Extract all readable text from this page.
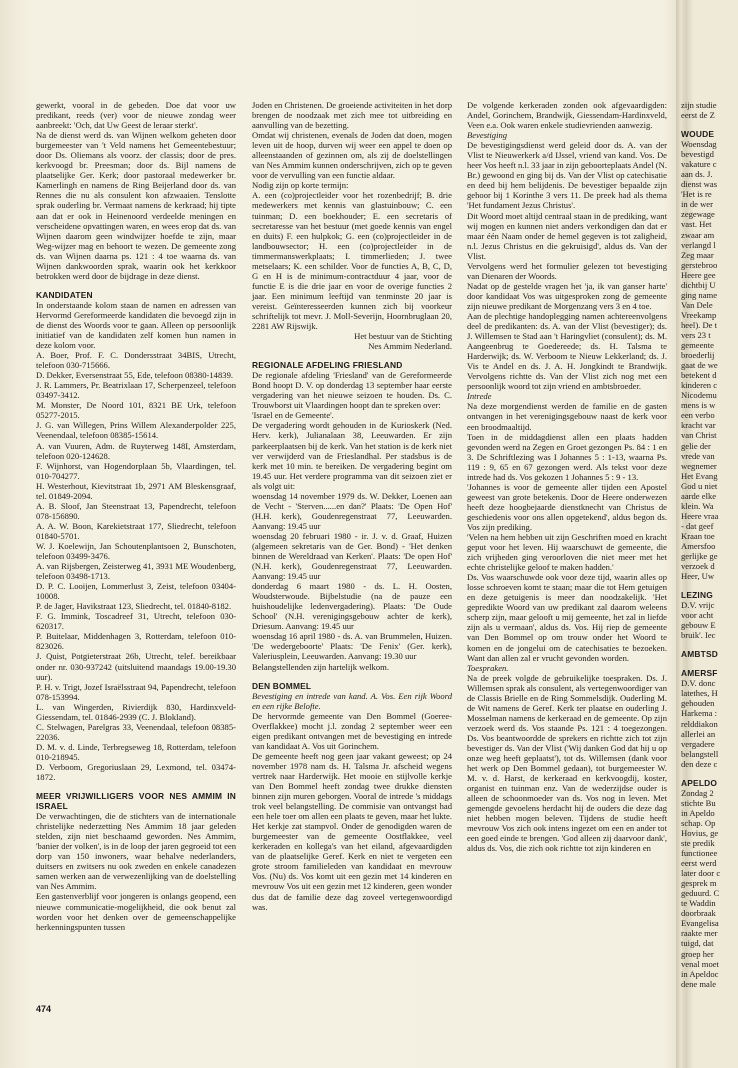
gewerkt, vooral in de gebeden. Doe dat voor uw predikant, reeds (ver) voor de nieuwe zondag weer aanbreekt: 'Och, dat Uw Geest de leraar sterkt'.

Na de dienst werd ds. van Wijnen welkom geheten door burgemeester van 't Veld namens het Gemeentebestuur; door Ds. Oliemans als voorz. der classis; door de pres. kerkvoogd br. Preesman; door ds. Bijl namens de plaatselijke Ger. Kerk; door pastoraal medewerker br. Kamerlingh en namens de Ring Beijerland door ds. van Rennes die nu als consulent kon afzwaaien. Tenslotte sprak ouderling br. Vermaat namens de kerkraad; hij tipte aan dat er ook in Heinenoord verdeelde meningen en verscheidene opvattingen waren, en wees erop dat ds. van Wijnen daarom geen windwijzer hoefde te zijn, maar Weg-wijzer mag en behoort te wezen. De gemeente zong ds. van Wijnen daarna ps. 121 : 4 toe waarna ds. van Wijnen dankwoorden sprak, waarin ook het kerkkoor betrokken werd door de bijdrage in deze dienst.

KANDIDATEN

In onderstaande kolom staan de namen en adressen van Hervormd Gereformeerde kandidaten die bevoegd zijn in de dienst des Woords voor te gaan. Alleen op persoonlijk initiatief van de kandidaten zelf komen hun namen in deze kolom voor.

A. Boer, Prof. F. C. Dondersstraat 34BIS, Utrecht, telefoon 030-715666.

D. Dekker, Eversenstraat 55, Ede, telefoon 08380-14839.

J. R. Lammers, Pr. Beatrixlaan 17, Scherpenzeel, telefoon 03497-3412.

M. Monster, De Noord 101, 8321 BE Urk, telefoon 05277-2015.

J. G. van Willegen, Prins Willem Alexanderpolder 225, Veenendaal, telefoon 08385-15614.

A. van Vuuren, Adm. de Ruyterweg 148I, Amsterdam, telefoon 020-124628.

F. Wijnhorst, van Hogendorplaan 5b, Vlaardingen, tel. 010-704277.

H. Westerhout, Kievitstraat 1b, 2971 AM Bleskensgraaf, tel. 01849-2094.

A. B. Sloof, Jan Steenstraat 13, Papendrecht, telefoon 078-156890.

A. A. W. Boon, Karekietstraat 177, Sliedrecht, telefoon 01840-5701.

W. J. Koelewijn, Jan Schoutenplantsoen 2, Bunschoten, telefoon 03499-3476.

A. van Rijsbergen, Zeisterweg 41, 3931 ME Woudenberg, telefoon 03498-1713.

D. P. C. Looijen, Lommerlust 3, Zeist, telefoon 03404-10008.

P. de Jager, Havikstraat 123, Sliedrecht, tel. 01840-8182.

F. G. Immink, Toscadreef 31, Utrecht, telefoon 030-620317.

P. Buitelaar, Middenhagen 3, Rotterdam, telefoon 010-823026.

J. Quist, Potgieterstraat 26b, Utrecht, telef. bereikbaar onder nr. 030-937242 (uitsluitend maandags 19.00-19.30 uur).

P. H. v. Trigt, Jozef Israëlsstraat 94, Papendrecht, telefoon 078-153994.

L. van Wingerden, Rivierdijk 830, Hardinxveld-Giessendam, tel. 01846-2939 (C. J. Blokland).

C. Stelwagen, Parelgras 33, Veenendaal, telefoon 08385-22036.

D. M. v. d. Linde, Terbregseweg 18, Rotterdam, telefoon 010-218945.

D. Verboom, Gregoriuslaan 29, Lexmond, tel. 03474-1872.

MEER VRIJWILLIGERS VOOR NES AMMIM IN ISRAEL

De verwachtingen, die de stichters van de internationale christelijke nederzetting Nes Ammim 18 jaar geleden stelden, zijn niet beschaamd geworden. Nes Ammim, 'banier der volken', is in de loop der jaren gegroeid tot een dorp van 150 inwoners, waar behalve nederlanders, duitsers en zwitsers nu ook zweden en enkele canadezen samen werken aan de verwezenlijking van de doelstelling van Nes Ammim.

Een gastenverblijf voor jongeren is onlangs geopend, een nieuwe communicatie-mogelijkheid, die ook benut zal worden voor het denken over de gemeenschappelijke herkenningspunten tussen

Joden en Christenen. De groeiende activiteiten in het dorp brengen de noodzaak met zich mee tot uitbreiding en aanvulling van de bezetting.

Omdat wij christenen, evenals de Joden dat doen, mogen leven uit de hoop, durven wij weer een appel te doen op alleenstaanden of gezinnen om, als zij de doelstellingen van Nes Ammim kunnen onderschrijven, zich op te geven voor de vervulling van een functie aldaar.

Nodig zijn op korte termijn:

A. een (co)projectleider voor het rozenbedrijf; B. drie medewerkers met kennis van glastuinbouw; C. een tuinman; D. een boekhouder; E. een secretaris of secretaresse van het bestuur (met goede kennis van engel en duits) F. een hulpkok; G. een (co)projectleider in de landbouwsector; H. een (co)projectleider in de timmermanswerkplaats; I. timmerlieden; J. twee metselaars; K. een schilder. Voor de functies A, B, C, D, G en H is de minimum-contractduur 4 jaar, voor de functie E is die drie jaar en voor de overige functies 2 jaar. Een minimum leeftijd van tenminste 20 jaar is vereist. Geïnteresseerden kunnen zich bij voorkeur schriftelijk tot mevr. J. Moll-Severijn, Hoornbruglaan 20, 2281 AW Rijswijk.

Het bestuur van de Stichting

Nes Ammim Nederland.

REGIONALE AFDELING FRIESLAND

De regionale afdeling 'Friesland' van de Gereformeerde Bond hoopt D. V. op donderdag 13 september haar eerste vergadering van het nieuwe seizoen te houden. Ds. C. Trouwborst uit Vlaardingen hoopt dan te spreken over:

'Israel en de Gemeente'.

De vergadering wordt gehouden in de Kurioskerk (Ned. Herv. kerk), Julianalaan 38, Leeuwarden. Er zijn parkeerplaatsen bij de kerk. Van het station is de kerk niet ver verwijderd van de Frieslandhal. Per stadsbus is de kerk met 10 min. te bereiken. De vergadering begint om 19.45 uur. Het verdere programma van dit seizoen ziet er als volgt uit:

woensdag 14 november 1979 ds. W. Dekker, Loenen aan de Vecht - 'Sterven......en dan?' Plaats: 'De Open Hof' (H.H. kerk), Goudenregenstraat 77, Leeuwarden. Aanvang: 19.45 uur

woensdag 20 februari 1980 - ir. J. v. d. Graaf, Huizen (algemeen sekretaris van de Ger. Bond) - 'Het denken binnen de Wereldraad van Kerken'. Plaats: 'De open Hof' (N.H. kerk), Goudenregenstraat 77, Leeuwarden. Aanvang: 19.45 uur

donderdag 6 maart 1980 - ds. L. H. Oosten, Woudsterwoude. Bijbelstudie (na de pauze een huishoudelijke ledenvergadering). Plaats: 'De Oude School' (N.H. verenigingsgebouw achter de kerk), Driesum. Aanvang: 19.45 uur

woensdag 16 april 1980 - ds. A. van Brummelen, Huizen. 'De wedergeboorte' Plaats: 'De Fenix' (Ger. kerk), Valeriusplein, Leeuwarden. Aanvang: 19.30 uur

Belangstellenden zijn hartelijk welkom.

DEN BOMMEL

Bevestiging en intrede van kand. A. Vos. Een rijk Woord en een rijke Belofte.

De hervormde gemeente van Den Bommel (Goeree-Overflakkee) mocht j.l. zondag 2 september weer een eigen predikant ontvangen met de bevestiging en intrede van kandidaat A. Vos uit Gorinchem.

De gemeente heeft nog geen jaar vakant geweest; op 24 november 1978 nam ds. H. Talsma Jr. afscheid wegens vertrek naar Harderwijk. Het mooie en stijlvolle kerkje van Den Bommel heeft zondag twee drukke diensten binnen zijn muren geborgen. Vooral de intrede 's middags trok veel belangstelling. De commisie van ontvangst had een hele toer om allen een plaats te geven, maar het lukte. Het kerkje zat stampvol. Onder de genodigden waren de burgemeester van de gemeente Oostflakkee, veel kerkeraden en kollega's van het eiland, afgevaardigden van de plaatselijke Geref. Kerk en niet te vergeten een grote stroom familieleden van kandidaat en mevrouw Vos. (Nu) ds. Vos komt uit een gezin met 14 kinderen en mevrouw Vos uit een gezin met 12 kinderen, geen wonder dus dat de familie deze dag zoveel vertegenwoordigd was.

De volgende kerkeraden zonden ook afgevaardigden: Andel, Gorinchem, Brandwijk, Giessendam-Hardinxveld, Veen e.a. Ook waren enkele studievrienden aanwezig.

Bevestiging

De bevestigingsdienst werd geleid door ds. A. van der Vlist te Nieuwerkerk a/d IJssel, vriend van kand. Vos. De heer Vos heeft n.l. 33 jaar in zijn geboorteplaats Andel (N. Br.) gewoond en ging bij ds. Van der Vlist op catechisatie en deed bij hem belijdenis. De bevestiger bepaalde zijn gehoor bij 1 Korinthe 3 vers 11. De preek had als thema 'Het fundament Jezus Christus'.

Dit Woord moet altijd centraal staan in de prediking, want wij mogen en kunnen niet anders verkondigen dan dat er maar één Naam onder de hemel gegeven is tot zaligheid, n.l. Jezus Christus en die gekruisigd', aldus ds. Van der Vlist.

Vervolgens werd het formulier gelezen tot bevestiging van Dienaren der Woords.

Nadat op de gestelde vragen het 'ja, ik van ganser harte' door kandidaat Vos was uitgesproken zong de gemeente zijn nieuwe predikant de Morgenzang vers 3 en 4 toe.

Aan de plechtige handoplegging namen achtereenvolgens deel de predikanten: ds. A. van der Vlist (bevestiger); ds. J. Willemsen te Stad aan 't Haringvliet (consulent); ds. M. Aangeenbrug te Goedereede; ds. H. Talsma te Harderwijk; ds. W. Verboom te Nieuw Lekkerland; ds. J. Vis te Andel en ds. J. A. H. Jongkindt te Brandwijk. Vervolgens richtte ds. Van der Vlist zich nog met een persoonlijk woord tot zijn vriend en ambtsbroeder.

Intrede

Na deze morgendienst werden de familie en de gasten ontvangen in het verenigingsgebouw naast de kerk voor een broodmaaltijd.

Toen in de middagdienst allen een plaats hadden gevonden werd na Zegen en Groet gezongen Ps. 84 : 1 en 3. De Schriftlezing was I Johannes 5 : 1-13, waarna Ps. 119 : 9, 65 en 67 gezongen werd. Als tekst voor deze intrede had ds. Vos gekozen 1 Johannes 5 : 9 - 13.

'Johannes is voor de gemeente aller tijden een Apostel geweest van grote betekenis. Door de Heere onderwezen heeft deze hoogbejaarde dienstknecht van Christus de geschiedenis voor ons allen opgetekend', aldus begon ds. Vos zijn prediking.

'Velen na hem hebben uit zijn Geschriften moed en kracht geput voor het leven. Hij waarschuwt de gemeente, die zich vrijheden ging veroorloven die niet meer met het echte christelijke geloof te maken hadden.'

Ds. Vos waarschuwde ook voor deze tijd, waarin alles op losse schroeven komt te staan; maar die tot Hem getuigen en deze getuigenis is meer dan noodzakelijk. 'Het gepredikte Woord van uw predikant zal daarom weleens scherp zijn, maar gelooft u mij gemeente, het zal in liefde zijn als u vermaan', aldus ds. Vos. Hij riep de gemeente van Den Bommel op om trouw onder het Woord te komen en de jongelui om de catechisaties te bezoeken. Want dan allen zal er vrucht gevonden worden.

Toespraken.

Na de preek volgde de gebruikelijke toespraken. Ds. J. Willemsen sprak als consulent, als vertegenwoordiger van de Classis Brielle en de Ring Sommelsdijk. Ouderling M. de Wit namens de Geref. Kerk ter plaatse en ouderling J. Mosselman namens de kerkeraad en de gemeente. Op zijn verzoek werd ds. Vos staande Ps. 121 : 4 toegezongen. Ds. Vos beantwoordde de sprekers en richtte zich tot zijn bevestiger ds. Van der Vlist ('Wij danken God dat hij u op onze weg heeft geplaatst'), tot ds. Willemsen (dank voor het werk op Den Bommel gedaan), tot burgemeester W. M. v. d. Harst, de kerkeraad en kerkvoogdij, koster, organist en tuinman enz. Van de wederzijdse ouder is alleen de schoonmoeder van ds. Vos nog in leven. Met gemengde gevoelens herdacht hij de ouders die deze dag niet hebben mogen beleven. Tijdens de studie heeft mevrouw Vos zich ook intens ingezet om een en ander tot een goed einde te brengen. 'God alleen zij daarvoor dank', aldus ds. Vos, die zich ook richtte tot zijn kinderen en

zijn studie

eerst de Z

WOUDE

Woensdag

bevestigd

vakature c

aan ds. J.

dienst was

'Het is re

in de wer

zegewage

vast. Het

zwaar am

verlangd l

Zeg maar

gerstebroo

Heere gee

dichtbij U

ging name

Van Dele

Vreekamp

heel). De t

vers 23 t

gemeente

broederlij

gaat de we

betekent d

kinderen c

Nicodemu

mens is w

een verbo

kracht var

van Christ

gelie der

vrede van

wegnemer

Het Evang

God u niet

aarde elke

klein. Wa

Heere vraa

- dat geef

Kraan toe

Amersfoo

gerlijke ge

verzoek d

Heer, Uw

LEZING

D.V. vrijc

voor acht

gebouw E

bruik'. Iec

AMBTSD

AMERSF

D.V. donc

latethes, H

gehouden

Harkema :

relddiakon

allerlei an

vergadere

belangstell

den deze c

APELDO

Zondag 2

stichte Bu

in Apeldo

schap. Op

Hovius, ge

ste predik

functionee

eerst werd

later door c

gesprek m

geduurd. C

te Waddin

doorbraak

Evangelisa

raakte mer

tuigd, dat

groep her

venal moet

in Apeldoc

dene male

474
